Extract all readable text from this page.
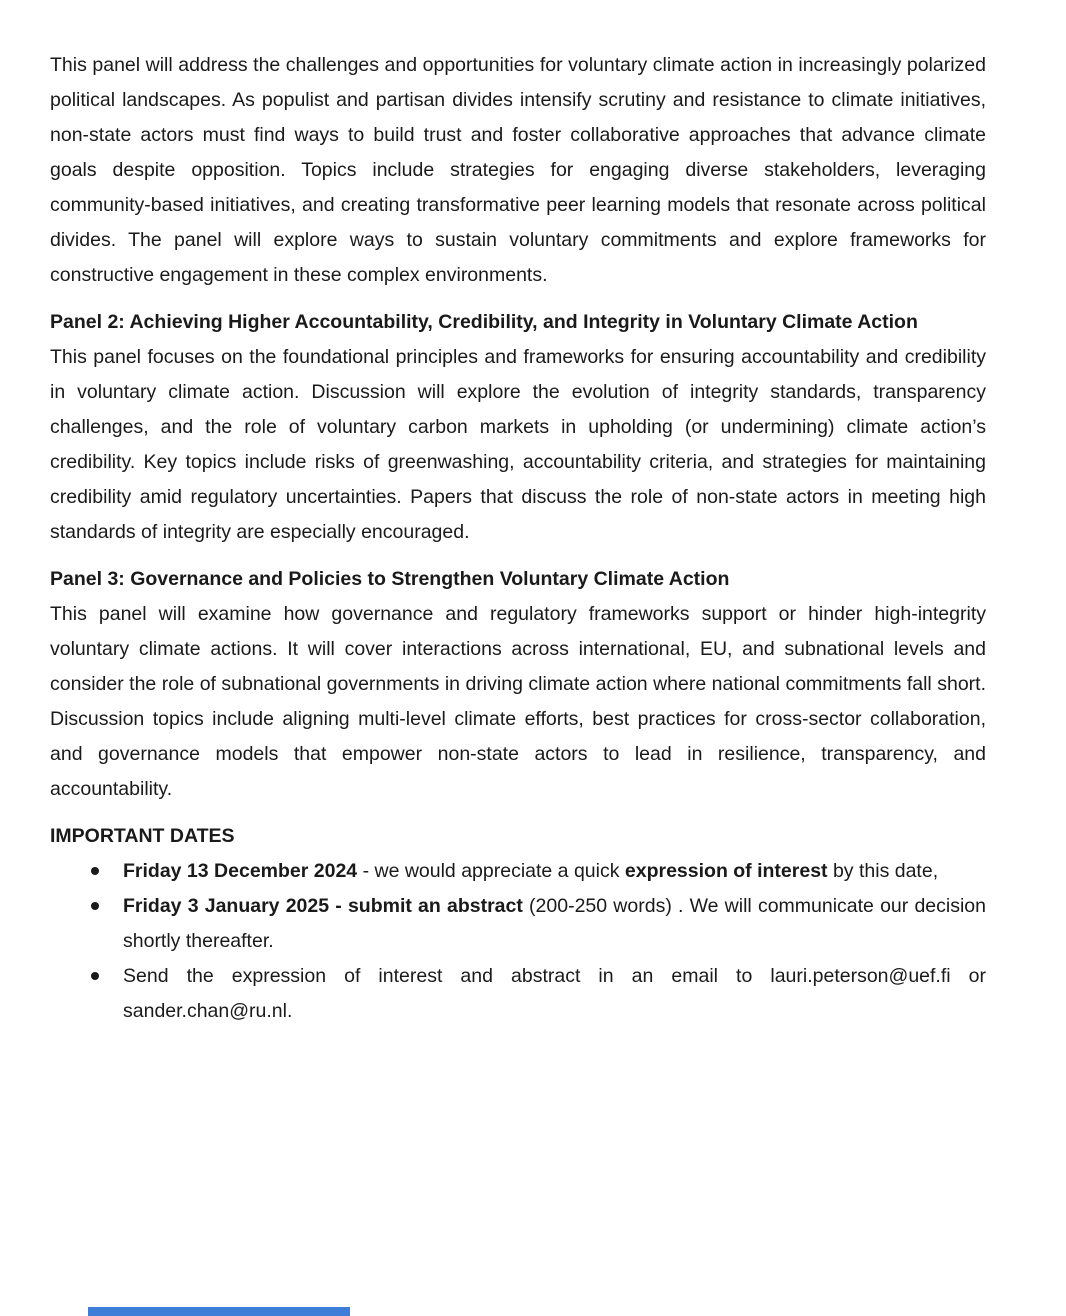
This panel will address the challenges and opportunities for voluntary climate action in increasingly polarized political landscapes. As populist and partisan divides intensify scrutiny and resistance to climate initiatives, non-state actors must find ways to build trust and foster collaborative approaches that advance climate goals despite opposition. Topics include strategies for engaging diverse stakeholders, leveraging community-based initiatives, and creating transformative peer learning models that resonate across political divides. The panel will explore ways to sustain voluntary commitments and explore frameworks for constructive engagement in these complex environments.

Panel 2: Achieving Higher Accountability, Credibility, and Integrity in Voluntary Climate Action

This panel focuses on the foundational principles and frameworks for ensuring accountability and credibility in voluntary climate action. Discussion will explore the evolution of integrity standards, transparency challenges, and the role of voluntary carbon markets in upholding (or undermining) climate action’s credibility. Key topics include risks of greenwashing, accountability criteria, and strategies for maintaining credibility amid regulatory uncertainties. Papers that discuss the role of non-state actors in meeting high standards of integrity are especially encouraged.

Panel 3: Governance and Policies to Strengthen Voluntary Climate Action

This panel will examine how governance and regulatory frameworks support or hinder high-integrity voluntary climate actions. It will cover interactions across international, EU, and subnational levels and consider the role of subnational governments in driving climate action where national commitments fall short. Discussion topics include aligning multi-level climate efforts, best practices for cross-sector collaboration, and governance models that empower non-state actors to lead in resilience, transparency, and accountability.

IMPORTANT DATES

Friday 13 December 2024 - we would appreciate a quick expression of interest by this date,
Friday 3 January 2025 - submit an abstract (200-250 words) . We will communicate our decision shortly thereafter.
Send the expression of interest and abstract in an email to lauri.peterson@uef.fi or sander.chan@ru.nl.
